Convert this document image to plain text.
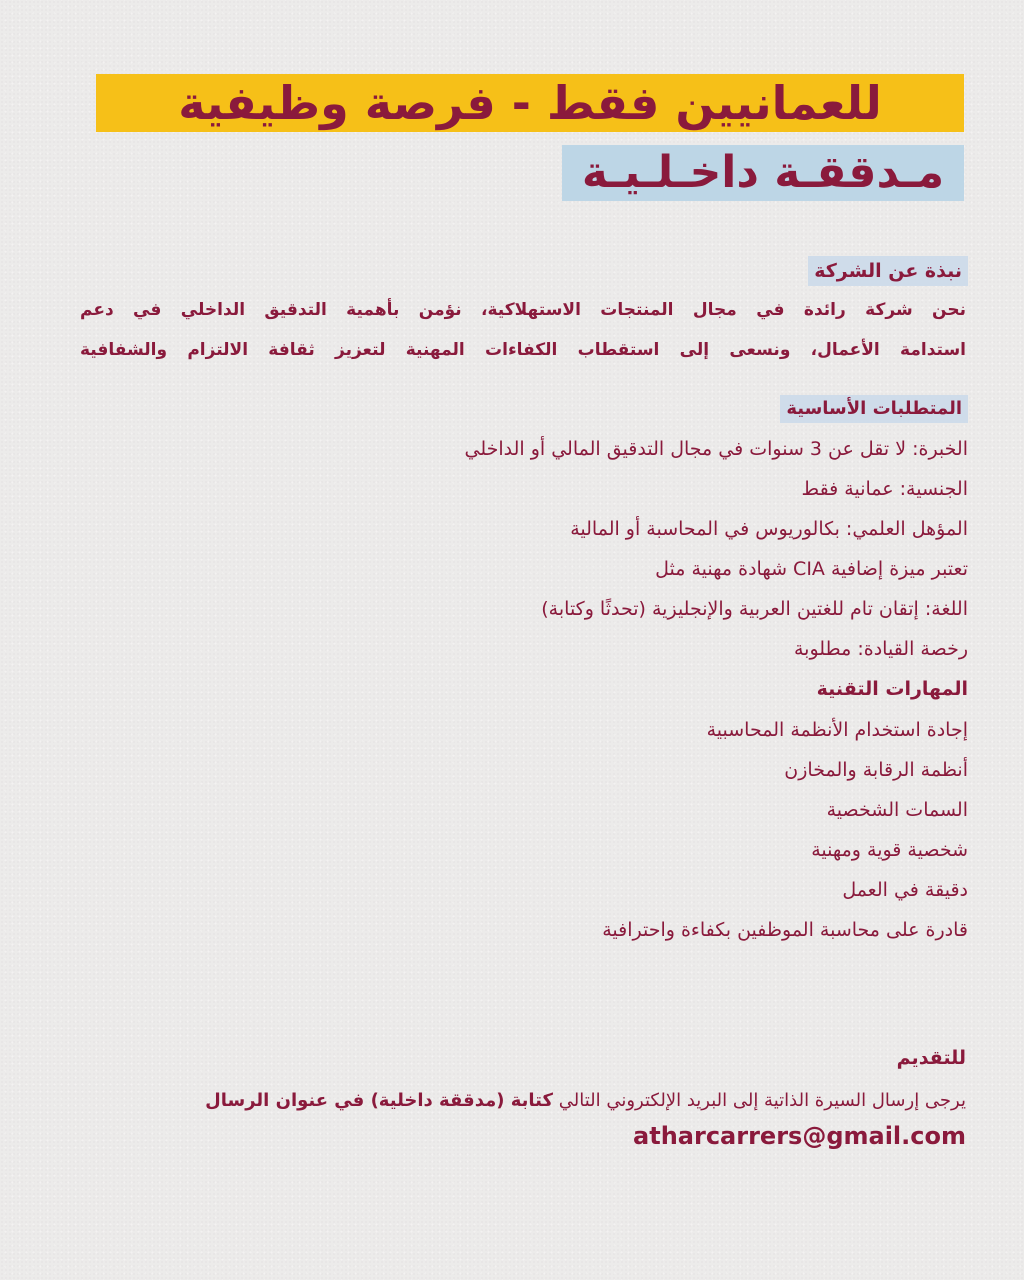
للعمانيين فقط - فرصة وظيفية
مـدققـة داخـلـيـة
نبذة عن الشركة
نحن شركة رائدة في مجال المنتجات الاستهلاكية، نؤمن بأهمية التدقيق الداخلي في دعم
استدامة الأعمال، ونسعى إلى استقطاب الكفاءات المهنية لتعزيز ثقافة الالتزام والشفافية
المتطلبات الأساسية
الخبرة: لا تقل عن 3 سنوات في مجال التدقيق المالي أو الداخلي
الجنسية: عمانية فقط
المؤهل العلمي: بكالوريوس في المحاسبة أو المالية
تعتبر ميزة إضافية CIA شهادة مهنية مثل
اللغة: إتقان تام للغتين العربية والإنجليزية (تحدثًا وكتابة)
رخصة القيادة: مطلوبة
المهارات التقنية
إجادة استخدام الأنظمة المحاسبية
أنظمة الرقابة والمخازن
السمات الشخصية
شخصية قوية ومهنية
دقيقة في العمل
قادرة على محاسبة الموظفين بكفاءة واحترافية
للتقديم
يرجى إرسال السيرة الذاتية إلى البريد الإلكتروني التالي كتابة (مدققة داخلية) في عنوان الرسال
atharcarrers@gmail.com
